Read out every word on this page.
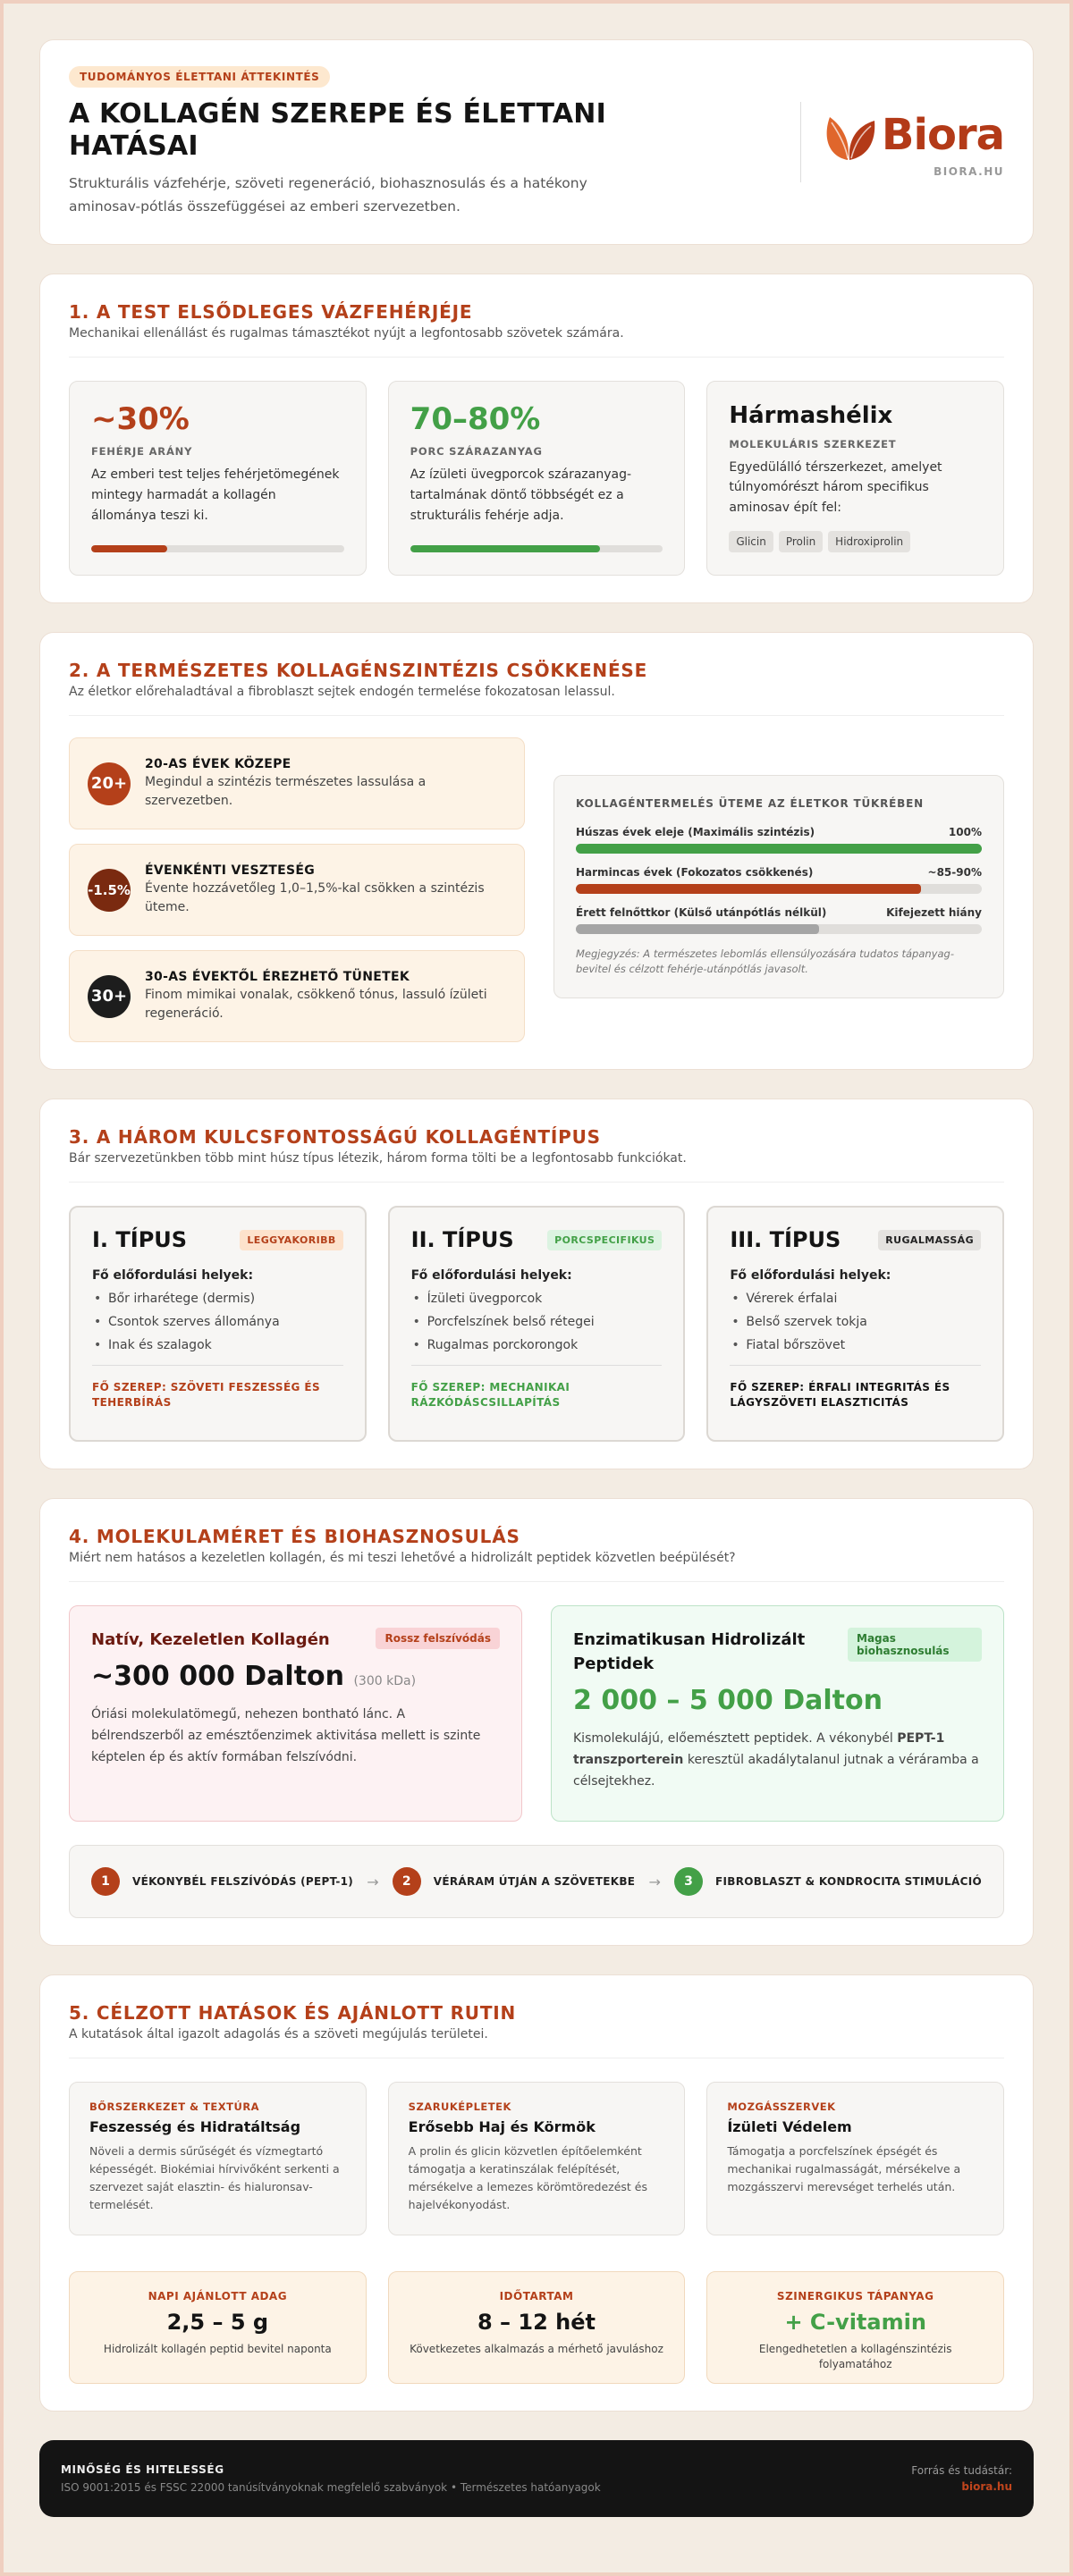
TUDOMÁNYOS ÉLETTANI ÁTTEKINTÉS
A KOLLAGÉN SZEREPE ÉS ÉLETTANI HATÁSAI

Strukturális vázfehérje, szöveti regeneráció, biohasznosulás és a hatékony aminosav-pótlás összefüggései az emberi szervezetben.

Biora
BIORA.HU
1. A TEST ELSŐDLEGES VÁZFEHÉRJÉJE

Mechanikai ellenállást és rugalmas támasztékot nyújt a legfontosabb szövetek számára.

~30%
FEHÉRJE ARÁNY
Az emberi test teljes fehérjetömegének mintegy harmadát a kollagén állománya teszi ki.
70–80%
PORC SZÁRAZANYAG
Az ízületi üvegporcok szárazanyag-tartalmának döntő többségét ez a strukturális fehérje adja.
Hármashélix
MOLEKULÁRIS SZERKEZET
Egyedülálló térszerkezet, amelyet túlnyomórészt három specifikus aminosav épít fel:
Glicin	Prolin	Hidroxiprolin
2. A TERMÉSZETES KOLLAGÉNSZINTÉZIS CSÖKKENÉSE

Az életkor előrehaladtával a fibroblaszt sejtek endogén termelése fokozatosan lelassul.

20+
20-AS ÉVEK KÖZEPE
Megindul a szintézis természetes lassulása a szervezetben.
-1.5%
ÉVENKÉNTI VESZTESÉG
Évente hozzávetőleg 1,0–1,5%-kal csökken a szintézis üteme.
30+
30-AS ÉVEKTŐL ÉREZHETŐ TÜNETEK
Finom mimikai vonalak, csökkenő tónus, lassuló ízületi regeneráció.
KOLLAGÉNTERMELÉS ÜTEME AZ ÉLETKOR TÜKRÉBEN
Húszas évek eleje (Maximális szintézis)	100%
Harmincas évek (Fokozatos csökkenés)	~85-90%
Érett felnőttkor (Külső utánpótlás nélkül)	Kifejezett hiány
Megjegyzés: A természetes lebomlás ellensúlyozására tudatos tápanyag-bevitel és célzott fehérje-utánpótlás javasolt.
3. A HÁROM KULCSFONTOSSÁGÚ KOLLAGÉNTÍPUS

Bár szervezetünkben több mint húsz típus létezik, három forma tölti be a legfontosabb funkciókat.

I. TÍPUS	LEGGYAKORIBB
Fő előfordulási helyek:
• Bőr irharétege (dermis)
• Csontok szerves állománya
• Inak és szalagok
FŐ SZEREP: SZÖVETI FESZESSÉG ÉS TEHERBÍRÁS
II. TÍPUS	PORCSPECIFIKUS
Fő előfordulási helyek:
• Ízületi üvegporcok
• Porcfelszínek belső rétegei
• Rugalmas porckorongok
FŐ SZEREP: MECHANIKAI RÁZKÓDÁSCSILLAPÍTÁS
III. TÍPUS	RUGALMASSÁG
Fő előfordulási helyek:
• Vérerek érfalai
• Belső szervek tokja
• Fiatal bőrszövet
FŐ SZEREP: ÉRFALI INTEGRITÁS ÉS LÁGYSZÖVETI ELASZTICITÁS
4. MOLEKULAMÉRET ÉS BIOHASZNOSULÁS

Miért nem hatásos a kezeletlen kollagén, és mi teszi lehetővé a hidrolizált peptidek közvetlen beépülését?

Natív, Kezeletlen Kollagén	Rossz felszívódás
~300 000 Dalton (300 kDa)
Óriási molekulatömegű, nehezen bontható lánc. A bélrendszerből az emésztőenzimek aktivitása mellett is szinte képtelen ép és aktív formában felszívódni.
Enzimatikusan Hidrolizált Peptidek
Magas biohasznosulás
2 000 – 5 000 Dalton
Kismolekulájú, előemésztett peptidek. A vékonybél PEPT-1 transzporterein keresztül akadálytalanul jutnak a véráramba a célsejtekhez.
1	VÉKONYBÉL FELSZÍVÓDÁS (PEPT-1) →	2	VÉRÁRAM ÚTJÁN A SZÖVETEKBE →	3	FIBROBLASZT & KONDROCITA STIMULÁCIÓ
5. CÉLZOTT HATÁSOK ÉS AJÁNLOTT RUTIN

A kutatások által igazolt adagolás és a szöveti megújulás területei.

BŐRSZERKEZET & TEXTÚRA
Feszesség és Hidratáltság
Növeli a dermis sűrűségét és vízmegtartó képességét. Biokémiai hírvivőként serkenti a szervezet saját elasztin- és hialuronsav-termelését.
SZARUKÉPLETEK
Erősebb Haj és Körmök
A prolin és glicin közvetlen építőelemként támogatja a keratinszálak felépítését, mérsékelve a lemezes körömtöredezést és hajelvékonyodást.
MOZGÁSSZERVEK
Ízületi Védelem
Támogatja a porcfelszínek épségét és mechanikai rugalmasságát, mérsékelve a mozgásszervi merevséget terhelés után.
NAPI AJÁNLOTT ADAG
2,5 – 5 g
Hidrolizált kollagén peptid bevitel naponta
IDŐTARTAM
8 – 12 hét
Következetes alkalmazás a mérhető javuláshoz
SZINERGIKUS TÁPANYAG
+ C-vitamin
Elengedhetetlen a kollagénszintézis folyamatához
MINŐSÉG ÉS HITELESSÉG
ISO 9001:2015 és FSSC 22000 tanúsítványoknak megfelelő szabványok • Természetes hatóanyagok
Forrás és tudástár:
biora.hu
